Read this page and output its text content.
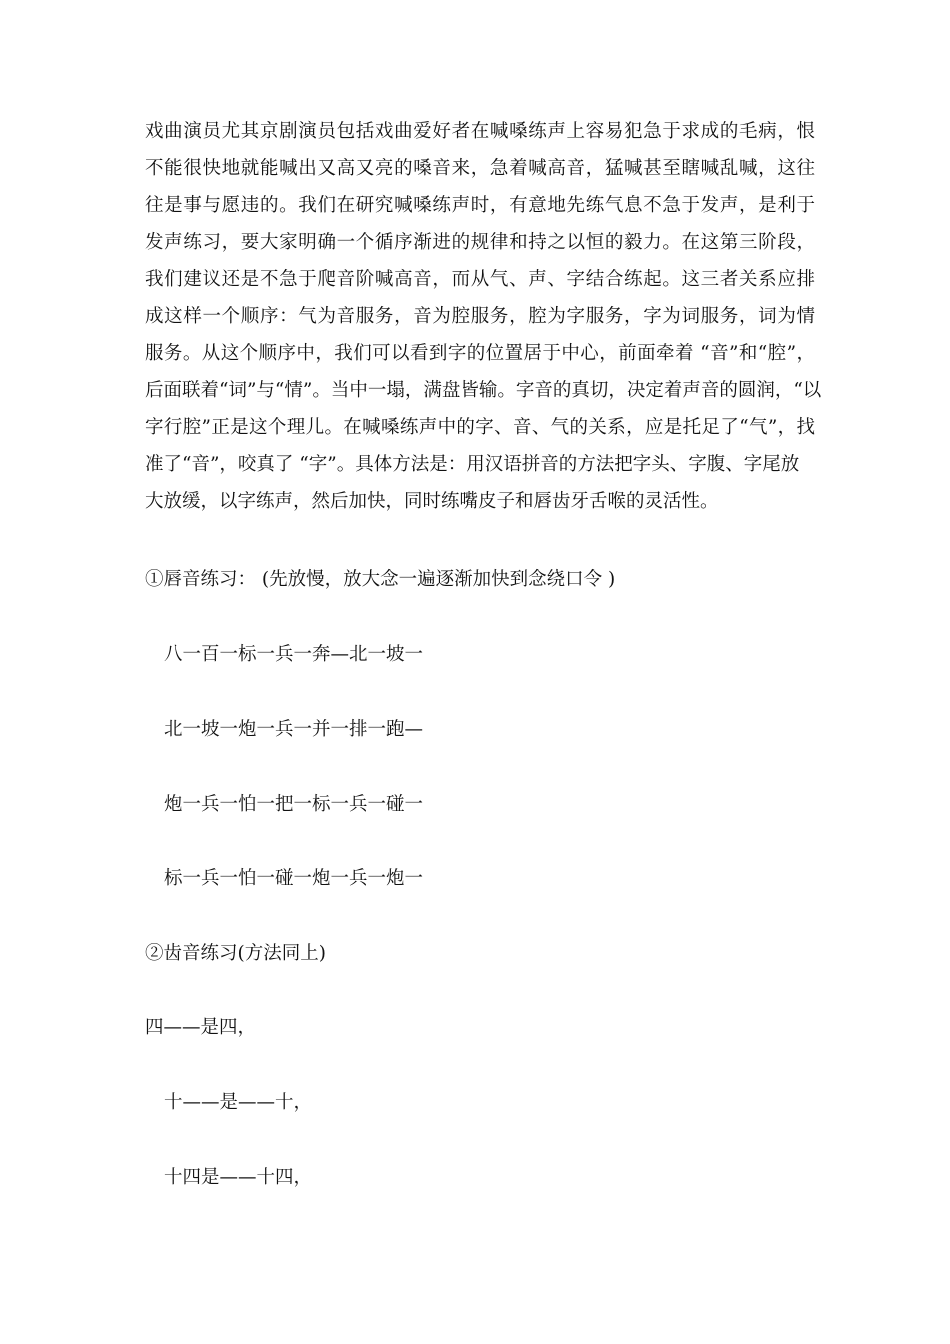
戏曲演员尤其京剧演员包括戏曲爱好者在喊嗓练声上容易犯急于求成的毛病，恨
不能很快地就能喊出又高又亮的嗓音来，急着喊高音，猛喊甚至瞎喊乱喊，这往
往是事与愿违的。我们在研究喊嗓练声时，有意地先练气息不急于发声，是利于
发声练习，要大家明确一个循序渐进的规律和持之以恒的毅力。在这第三阶段，
我们建议还是不急于爬音阶喊高音，而从气、声、字结合练起。这三者关系应排
成这样一个顺序：气为音服务，音为腔服务，腔为字服务，字为词服务，词为情
服务。从这个顺序中，我们可以看到字的位置居于中心，前面牵着 “音”和“腔”，
后面联着“词”与“情”。当中一塌，满盘皆输。字音的真切，决定着声音的圆润，“以
字行腔”正是这个理儿。在喊嗓练声中的字、音、气的关系，应是托足了“气”，找
准了“音”，咬真了 “字”。具体方法是：用汉语拼音的方法把字头、字腹、字尾放
大放缓，以字练声，然后加快，同时练嘴皮子和唇齿牙舌喉的灵活性。
①唇音练习： (先放慢，放大念一遍逐渐加快到念绕口令 )
八一百一标一兵一奔—北一坡一
北一坡一炮一兵一并一排一跑—
炮一兵一怕一把一标一兵一碰一
标一兵一怕一碰一炮一兵一炮一
②齿音练习(方法同上)
四——是四，
十——是——十，
十四是——十四，
